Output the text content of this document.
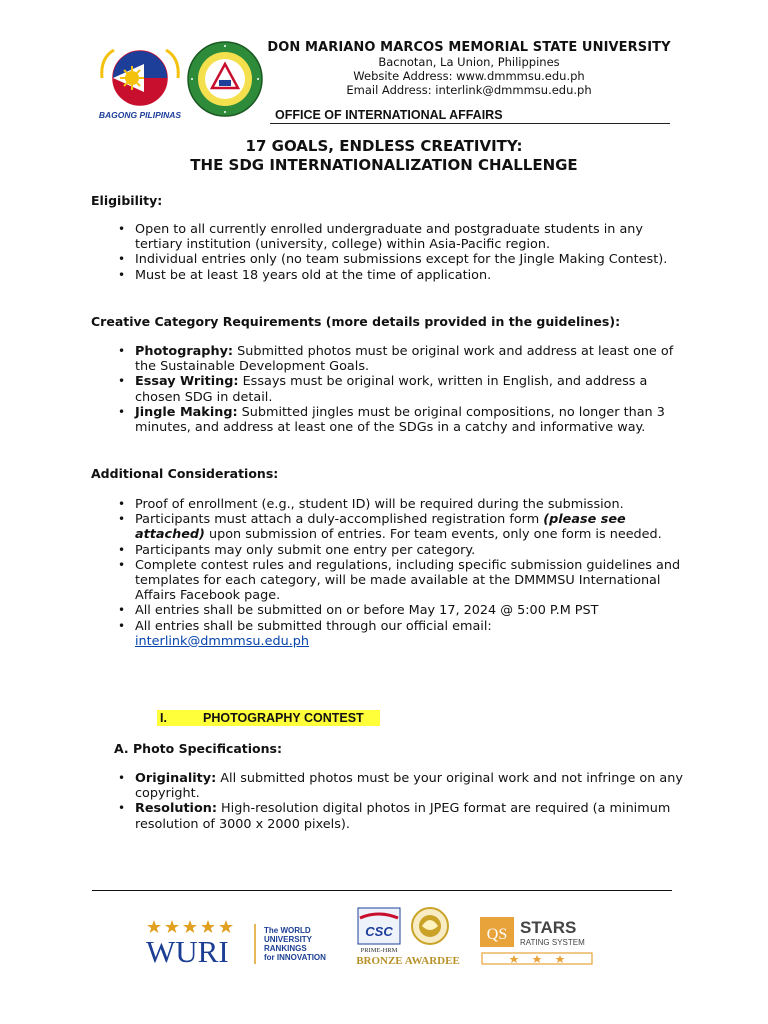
BAGONG PILIPINAS
DON MARIANO MARCOS MEMORIAL STATE UNIVERSITY
Bacnotan, La Union, Philippines
Website Address: www.dmmmsu.edu.ph
Email Address: interlink@dmmmsu.edu.ph
OFFICE OF INTERNATIONAL AFFAIRS
17 GOALS, ENDLESS CREATIVITY:
THE SDG INTERNATIONALIZATION CHALLENGE
Eligibility:
• Open to all currently enrolled undergraduate and postgraduate students in any tertiary institution (university, college) within Asia-Pacific region.
• Individual entries only (no team submissions except for the Jingle Making Contest).
• Must be at least 18 years old at the time of application.
Creative Category Requirements (more details provided in the guidelines):
• Photography: Submitted photos must be original work and address at least one of the Sustainable Development Goals.
• Essay Writing: Essays must be original work, written in English, and address a chosen SDG in detail.
• Jingle Making: Submitted jingles must be original compositions, no longer than 3 minutes, and address at least one of the SDGs in a catchy and informative way.
Additional Considerations:
• Proof of enrollment (e.g., student ID) will be required during the submission.
• Participants must attach a duly-accomplished registration form (please see attached) upon submission of entries. For team events, only one form is needed.
• Participants may only submit one entry per category.
• Complete contest rules and regulations, including specific submission guidelines and templates for each category, will be made available at the DMMMSU International Affairs Facebook page.
• All entries shall be submitted on or before May 17, 2024 @ 5:00 P.M PST
• All entries shall be submitted through our official email:
interlink@dmmmsu.edu.ph
I.	PHOTOGRAPHY CONTEST
A. Photo Specifications:
• Originality: All submitted photos must be your original work and not infringe on any copyright.
• Resolution: High-resolution digital photos in JPEG format are required (a minimum resolution of 3000 x 2000 pixels).
WURI
The WORLD
UNIVERSITY
RANKINGS
for INNOVATION
CSC
PRIME-HRM
BRONZE AWARDEE
QS STARS
RATING SYSTEM
